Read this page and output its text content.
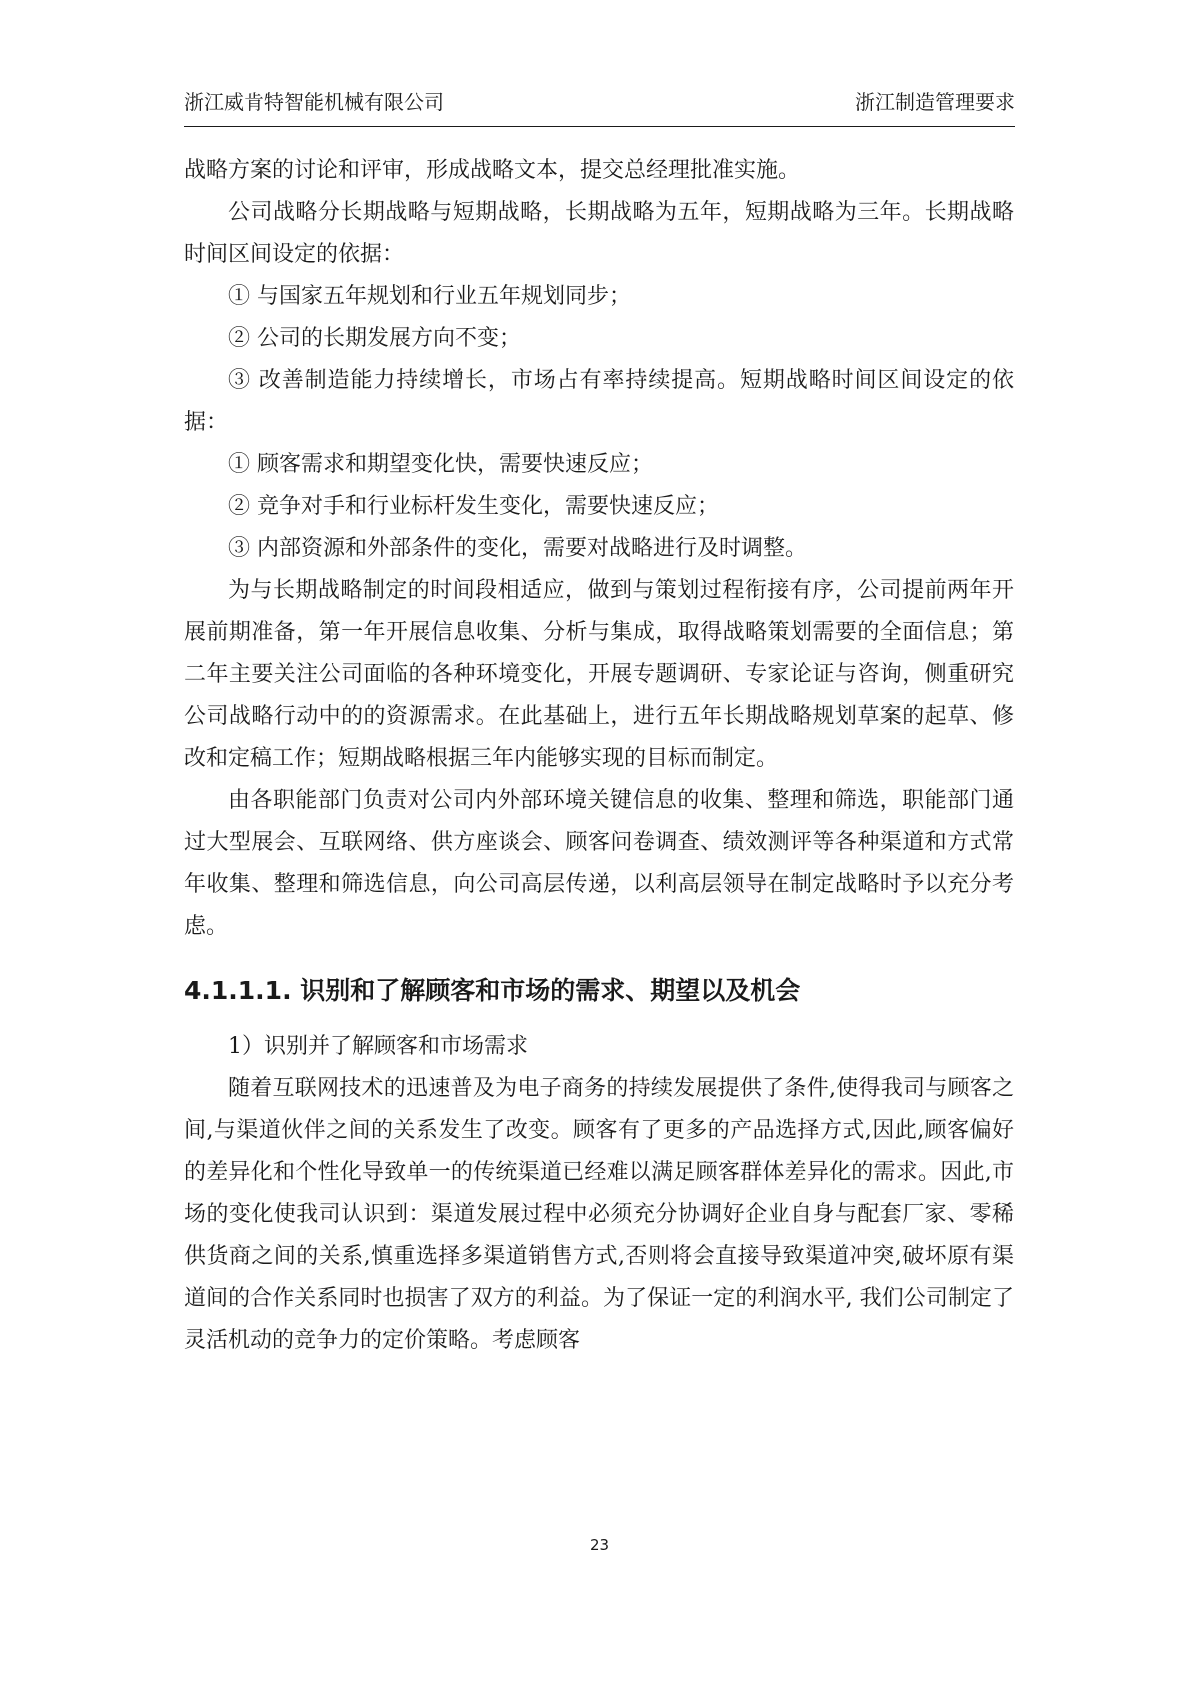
浙江威肯特智能机械有限公司	浙江制造管理要求

战略方案的讨论和评审，形成战略文本，提交总经理批准实施。

公司战略分长期战略与短期战略，长期战略为五年，短期战略为三年。长期战略时间区间设定的依据：

① 与国家五年规划和行业五年规划同步；

② 公司的长期发展方向不变；

③ 改善制造能力持续增长，市场占有率持续提高。短期战略时间区间设定的依据：

① 顾客需求和期望变化快，需要快速反应；

② 竞争对手和行业标杆发生变化，需要快速反应；

③ 内部资源和外部条件的变化，需要对战略进行及时调整。

为与长期战略制定的时间段相适应，做到与策划过程衔接有序，公司提前两年开展前期准备，第一年开展信息收集、分析与集成，取得战略策划需要的全面信息；第二年主要关注公司面临的各种环境变化，开展专题调研、专家论证与咨询，侧重研究公司战略行动中的的资源需求。在此基础上，进行五年长期战略规划草案的起草、修改和定稿工作；短期战略根据三年内能够实现的目标而制定。

由各职能部门负责对公司内外部环境关键信息的收集、整理和筛选，职能部门通过大型展会、互联网络、供方座谈会、顾客问卷调查、绩效测评等各种渠道和方式常年收集、整理和筛选信息，向公司高层传递，以利高层领导在制定战略时予以充分考虑。

4.1.1.1. 识别和了解顾客和市场的需求、期望以及机会

1）识别并了解顾客和市场需求

随着互联网技术的迅速普及为电子商务的持续发展提供了条件,使得我司与顾客之间,与渠道伙伴之间的关系发生了改变。顾客有了更多的产品选择方式,因此,顾客偏好的差异化和个性化导致单一的传统渠道已经难以满足顾客群体差异化的需求。因此,市场的变化使我司认识到：渠道发展过程中必须充分协调好企业自身与配套厂家、零稀供货商之间的关系,慎重选择多渠道销售方式,否则将会直接导致渠道冲突,破坏原有渠道间的合作关系同时也损害了双方的利益。为了保证一定的利润水平, 我们公司制定了灵活机动的竞争力的定价策略。考虑顾客

23
